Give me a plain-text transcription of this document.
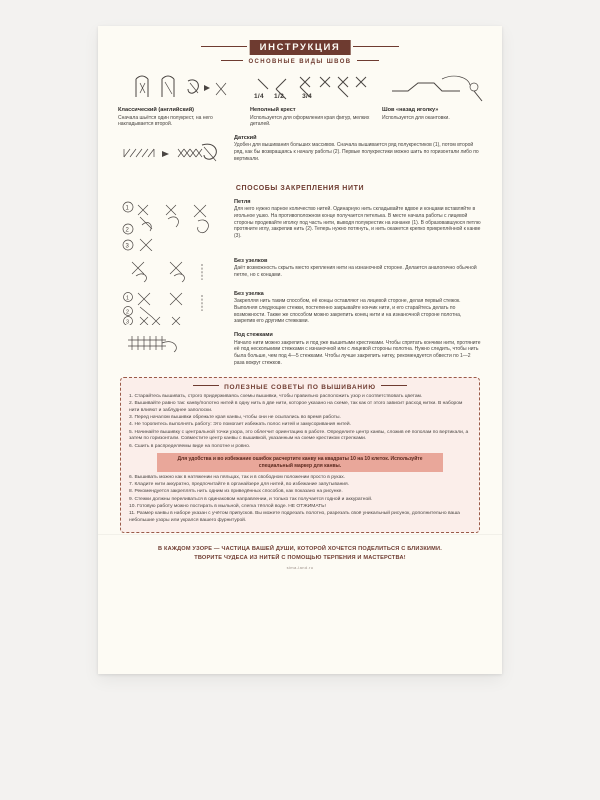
ИНСТРУКЦИЯ
ОСНОВНЫЕ ВИДЫ ШВОВ
Классический (английский)
Сначала шьётся один полукрест, на него накладывается второй.
1/4 1/2	3/4
Неполный крест
Используется для оформления края фигур, мелких деталей.
Шов «назад иголку»
Используется для окантовки.
Датский
Удобен для вышивания больших массивов. Сначала вышивается ряд полукрестиков (1), потом второй ряд, как бы возвращаясь к началу работы (2). Первые полукрестики можно шить по горизонтали либо по вертикали.
СПОСОБЫ ЗАКРЕПЛЕНИЯ НИТИ
1
2
3
Петля
Для него нужно парное количество нитей. Одинарную нить складывайте вдвое и концами вставляйте в игольное ушко. На противоположном конце получается петелька. В месте начала работы с лицевой стороны продевайте иголку под часть нити, выводя полукрестик на изнанке (1). В образовавшуюся петлю протяните иглу, закрепив нить (2). Теперь нужно потянуть, и нить окажется крепко прикреплённой к канве (3).
Без узелков
Даёт возможность скрыть место крепления нити на изнаночной стороне. Делается аналогично обычной петле, но с концами.
1
2
3
Без узелка
Закрепляя нить таким способом, её концы оставляют на лицевой стороне, делая первый стежок. Выполняя следующие стежки, постепенно закрывайте кончик нити, и его старайтесь делать по возможности. Также же способом можно закрепить конец нити и на изнаночной стороне полотна, закрепив его другими стежками.
Под стежками
Начало нити можно закрепить и под уже вышитыми крестиками. Чтобы спрятать кончики нити, протяните её под несколькими стежками с изнаночной или с лицевой стороны полотна. Нужно следить, чтобы нить была больше, чем под 4—5 стежками. Чтобы лучше закрепить нитку, рекомендуется обвести по 1—2 раза вокруг стежков.
ПОЛЕЗНЫЕ СОВЕТЫ ПО ВЫШИВАНИЮ
1. Старайтесь вышивать, строго придерживаясь схемы вышивки, чтобы правильно расположить узор и соответствовать цветам.
2. Вышивайте равно так: канву/полотно нитей в одну нить в две нити, которое указано на схеме, так как от этого зависит расход нитки. В набором нити влияют и заблуднее заполоски.
3. Перед началом вышивки обрежьте края канвы, чтобы они не осыпались во время работы.
4. Не торопитесь выполнять работу: Это помогает избежать полос нитей и замусоривания нитей.
5. Начинайте вышивку с центральной точки узора, это облегчит ориентацию в работе. Определите центр канвы, сложив её пополам по вертикали, а затем по горизонтали. Совместите центр канвы с вышивкой, указанным на схеме крестиком стрелками.
6. Сшить в распределяемы виде на полотне и ровно.
Для удобства и во избежание ошибок расчертите канву на квадраты 10 на 10 клеток. Используйте специальный маркер для канвы.
6. Вышивать можно как в натяжении на пяльцах, так и в свободном положении просто в руках.
7. Кладите нити аккуратно, предпочитайте в органайзере для нитей, во избежание запутывания.
8. Рекомендуется закреплять нить одним из приведённых способов, как показано на рисунке.
9. Стежки должны переливаться в одинаковом направлении, и только так получается годной и аккуратной.
10. Готовую работу можно постирать в мыльной, слегка тёплой воде. НЕ ОТЖИМАТЬ!
11. Размер канвы в наборе указан с учётом припусков. Вы можете подрезать полотно, разрезать своё уникальный рисунок, дополнительно ваша небольшие узоры или укрался вашего фурнитурой.
В КАЖДОМ УЗОРЕ — ЧАСТИЦА ВАШЕЙ ДУШИ, КОТОРОЙ ХОЧЕТСЯ ПОДЕЛИТЬСЯ С БЛИЗКИМИ.
ТВОРИТЕ ЧУДЕСА ИЗ НИТЕЙ С ПОМОЩЬЮ ТЕРПЕНИЯ И МАСТЕРСТВА!
sima-land.ru
